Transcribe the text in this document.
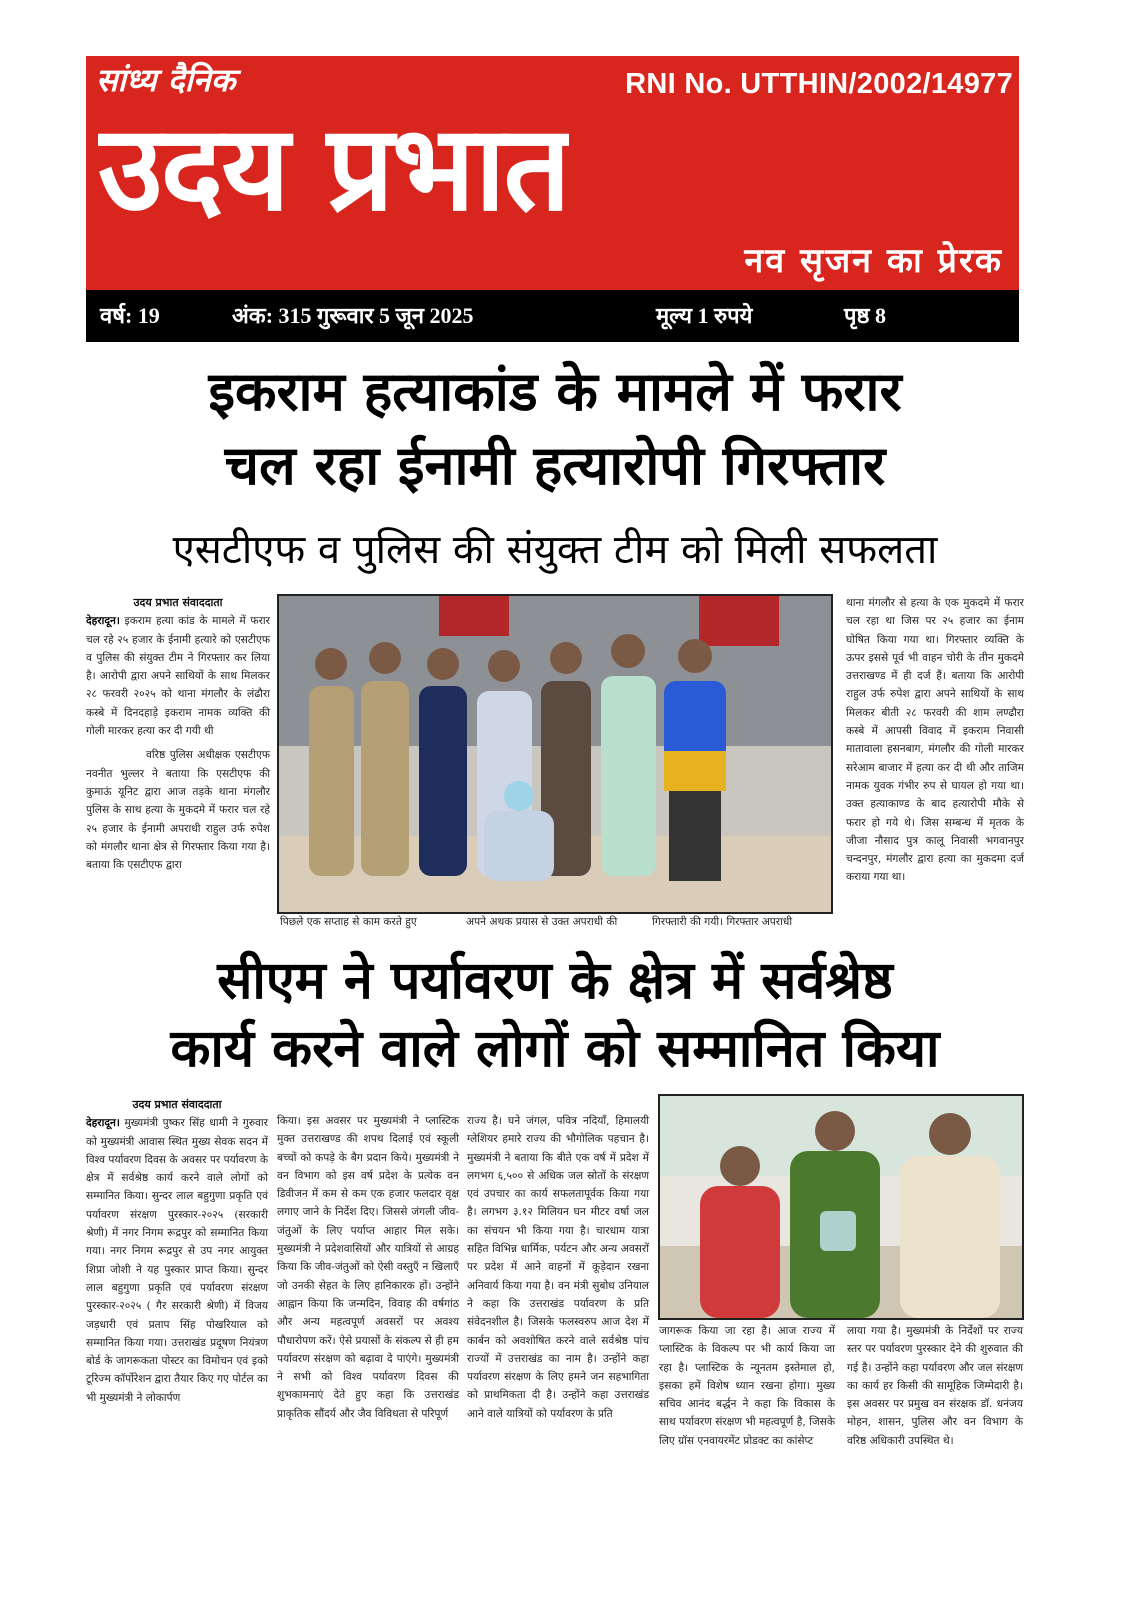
सांध्य दैनिक	RNI No. UTTHIN/2002/14977
उदय प्रभात
नव सृजन का प्रेरक
वर्ष: 19	अंक: 315 गुरूवार 5 जून 2025	मूल्य 1 रुपये	पृष्ठ 8
इकराम हत्याकांड के मामले में फरार
चल रहा ईनामी हत्यारोपी गिरफ्तार
एसटीएफ व पुलिस की संयुक्त टीम को मिली सफलता
उदय प्रभात संवाददाता
देहरादून। इकराम हत्या कांड के मामले में फरार चल रहे २५ हजार के ईनामी हत्यारे को एसटीएफ व पुलिस की संयुक्त टीम ने गिरफ्तार कर लिया है। आरोपी द्वारा अपने साथियों के साथ मिलकर २८ फरवरी २०२५ को थाना मंगलौर के लंढौरा कस्बे में दिनदहाड़े इकराम नामक व्यक्ति की गोली मारकर हत्या कर दी गयी थी
वरिष्ठ पुलिस अधीक्षक एसटीएफ नवनीत भुल्लर ने बताया कि एसटीएफ की कुमाऊं यूनिट द्वारा आज तड़के थाना मंगलौर पुलिस के साथ हत्या के मुकदमे में फरार चल रहे २५ हजार के ईनामी अपराधी राहुल उर्फ रुपेश को मंगलौर थाना क्षेत्र से गिरफ्तार किया गया है। बताया कि एसटीएफ द्वारा
पिछले एक सप्ताह से काम करते हुए	अपने अथक प्रयास से उक्त अपराधी की	गिरफ्तारी की गयी। गिरफ्तार अपराधी
थाना मंगलौर से हत्या के एक मुकदमे में फरार चल रहा था जिस पर २५ हजार का ईनाम घोषित किया गया था। गिरफ्तार व्यक्ति के ऊपर इससे पूर्व भी वाहन चोरी के तीन मुकदमे उत्तराखण्ड में ही दर्ज हैं। बताया कि आरोपी राहुल उर्फ रुपेश द्वारा अपने साथियों के साथ मिलकर बीती २८ फरवरी की शाम लण्ढौरा कस्बे में आपसी विवाद में इकराम निवासी मातावाला हसनबाग, मंगलौर की गोली मारकर सरेआम बाजार में हत्या कर दी थी और ताजिम नामक युवक गंभीर रुप से घायल हो गया था। उक्त हत्याकाण्ड के बाद हत्यारोपी मौके से फरार हो गये थे। जिस सम्बन्ध में मृतक के जीजा नौसाद पुत्र कालू निवासी भगवानपुर चन्दनपुर, मंगलौर द्वारा हत्या का मुकदमा दर्ज कराया गया था।
सीएम ने पर्यावरण के क्षेत्र में सर्वश्रेष्ठ
कार्य करने वाले लोगों को सम्मानित किया
उदय प्रभात संवाददाता
देहरादून। मुख्यमंत्री पुष्कर सिंह धामी ने गुरुवार को मुख्यमंत्री आवास स्थित मुख्य सेवक सदन में विश्व पर्यावरण दिवस के अवसर पर पर्यावरण के क्षेत्र में सर्वश्रेष्ठ कार्य करने वाले लोगों को सम्मानित किया। सुन्दर लाल बहुगुणा प्रकृति एवं पर्यावरण संरक्षण पुरस्कार-२०२५ (सरकारी श्रेणी) में नगर निगम रूद्रपुर को सम्मानित किया गया। नगर निगम रूद्रपुर से उप नगर आयुक्त शिप्रा जोशी ने यह पुस्कार प्राप्त किया। सुन्दर लाल बहुगुणा प्रकृति एवं पर्यावरण संरक्षण पुरस्कार-२०२५ ( गैर सरकारी श्रेणी) में विजय जड़धारी एवं प्रताप सिंह पोखरियाल को सम्मानित किया गया। उत्तराखंड प्रदूषण नियंत्रण बोर्ड के जागरूकता पोस्टर का विमोचन एवं इको टूरिज्म कॉर्पोरेशन द्वारा तैयार किए गए पोर्टल का भी मुख्यमंत्री ने लोकार्पण
किया। इस अवसर पर मुख्यमंत्री ने प्लास्टिक मुक्त उत्तराखण्ड की शपथ दिलाई एवं स्कूली बच्चों को कपड़े के बैग प्रदान किये। मुख्यमंत्री ने वन विभाग को इस वर्ष प्रदेश के प्रत्येक वन डिवीजन में कम से कम एक हजार फलदार वृक्ष लगाए जाने के निर्देश दिए। जिससे जंगली जीव-जंतुओं के लिए पर्याप्त आहार मिल सके। मुख्यमंत्री ने प्रदेशवासियों और यात्रियों से आग्रह किया कि जीव-जंतुओं को ऐसी वस्तुएँ न खिलाएँ जो उनकी सेहत के लिए हानिकारक हों। उन्होंने आह्वान किया कि जन्मदिन, विवाह की वर्षगांठ और अन्य महत्वपूर्ण अवसरों पर अवश्य पौधारोपण करें। ऐसे प्रयासों के संकल्प से ही हम पर्यावरण संरक्षण को बढ़ावा दे पाएंगे। मुख्यमंत्री ने सभी को विश्व पर्यावरण दिवस की शुभकामनाएं देते हुए कहा कि उत्तराखंड प्राकृतिक सौंदर्य और जैव विविधता से परिपूर्ण
राज्य है। घने जंगल, पवित्र नदियाँ, हिमालयी ग्लेशियर हमारे राज्य की भौगोलिक पहचान है। मुख्यमंत्री ने बताया कि बीते एक वर्ष में प्रदेश में लगभग ६,५०० से अधिक जल स्रोतों के संरक्षण एवं उपचार का कार्य सफलतापूर्वक किया गया है। लगभग ३.१२ मिलियन घन मीटर वर्षा जल का संचयन भी किया गया है। चारधाम यात्रा सहित विभिन्न धार्मिक, पर्यटन और अन्य अवसरों पर प्रदेश में आने वाहनों में कूड़ेदान रखना अनिवार्य किया गया है। वन मंत्री सुबोध उनियाल ने कहा कि उत्तराखंड पर्यावरण के प्रति संवेदनशील है। जिसके फलस्वरुप आज देश में कार्बन को अवशोषित करने वाले सर्वश्रेष्ठ पांच राज्यों में उत्तराखंड का नाम है। उन्होंने कहा पर्यावरण संरक्षण के लिए हमने जन सहभागिता को प्राथमिकता दी है। उन्होंने कहा उत्तराखंड आने वाले यात्रियों को पर्यावरण के प्रति
जागरूक किया जा रहा है। आज राज्य में प्लास्टिक के विकल्प पर भी कार्य किया जा रहा है। प्लास्टिक के न्यूनतम इस्तेमाल हो, इसका हमें विशेष ध्यान रखना होगा। मुख्य सचिव आनंद बर्द्धन ने कहा कि विकास के साथ पर्यावरण संरक्षण भी महत्वपूर्ण है, जिसके लिए ग्रॉस एनवायरमेंट प्रोडक्ट का कांसेप्ट
लाया गया है। मुख्यमंत्री के निर्देशों पर राज्य स्तर पर पर्यावरण पुरस्कार देने की शुरुवात की गई है। उन्होंने कहा पर्यावरण और जल संरक्षण का कार्य हर किसी की सामूहिक जिम्मेदारी है। इस अवसर पर प्रमुख वन संरक्षक डॉ. धनंजय मोहन, शासन, पुलिस और वन विभाग के वरिष्ठ अधिकारी उपस्थित थे।
